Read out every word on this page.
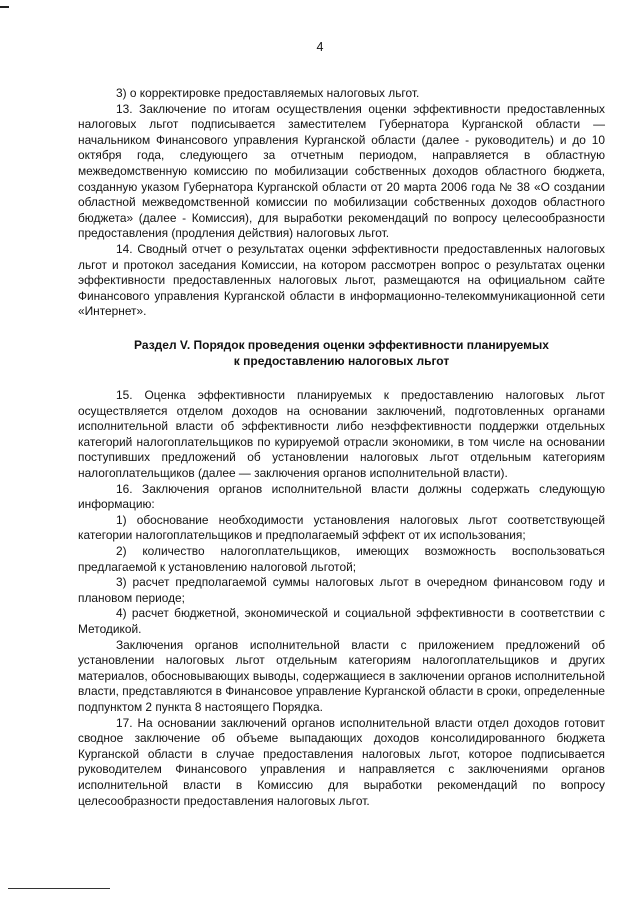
4

3) о корректировке предоставляемых налоговых льгот.

13. Заключение по итогам осуществления оценки эффективности предоставленных налоговых льгот подписывается заместителем Губернатора Курганской области — начальником Финансового управления Курганской области (далее - руководитель) и до 10 октября года, следующего за отчетным периодом, направляется в областную межведомственную комиссию по мобилизации собственных доходов областного бюджета, созданную указом Губернатора Курганской области от 20 марта 2006 года № 38 «О создании областной межведомственной комиссии по мобилизации собственных доходов областного бюджета» (далее - Комиссия), для выработки рекомендаций по вопросу целесообразности предоставления (продления действия) налоговых льгот.

14. Сводный отчет о результатах оценки эффективности предоставленных налоговых льгот и протокол заседания Комиссии, на котором рассмотрен вопрос о результатах оценки эффективности предоставленных налоговых льгот, размещаются на официальном сайте Финансового управления Курганской области в информационно-телекоммуникационной сети «Интернет».

Раздел V. Порядок проведения оценки эффективности планируемых
к предоставлению налоговых льгот

15. Оценка эффективности планируемых к предоставлению налоговых льгот осуществляется отделом доходов на основании заключений, подготовленных органами исполнительной власти об эффективности либо неэффективности поддержки отдельных категорий налогоплательщиков по курируемой отрасли экономики, в том числе на основании поступивших предложений об установлении налоговых льгот отдельным категориям налогоплательщиков (далее — заключения органов исполнительной власти).

16. Заключения органов исполнительной власти должны содержать следующую информацию:

1) обоснование необходимости установления налоговых льгот соответствующей категории налогоплательщиков и предполагаемый эффект от их использования;

2) количество налогоплательщиков, имеющих возможность воспользоваться предлагаемой к установлению налоговой льготой;

3) расчет предполагаемой суммы налоговых льгот в очередном финансовом году и плановом периоде;

4) расчет бюджетной, экономической и социальной эффективности в соответствии с Методикой.

Заключения органов исполнительной власти с приложением предложений об установлении налоговых льгот отдельным категориям налогоплательщиков и других материалов, обосновывающих выводы, содержащиеся в заключении органов исполнительной власти, представляются в Финансовое управление Курганской области в сроки, определенные подпунктом 2 пункта 8 настоящего Порядка.

17. На основании заключений органов исполнительной власти отдел доходов готовит сводное заключение об объеме выпадающих доходов консолидированного бюджета Курганской области в случае предоставления налоговых льгот, которое подписывается руководителем Финансового управления и направляется с заключениями органов исполнительной власти в Комиссию для выработки рекомендаций по вопросу целесообразности предоставления налоговых льгот.
